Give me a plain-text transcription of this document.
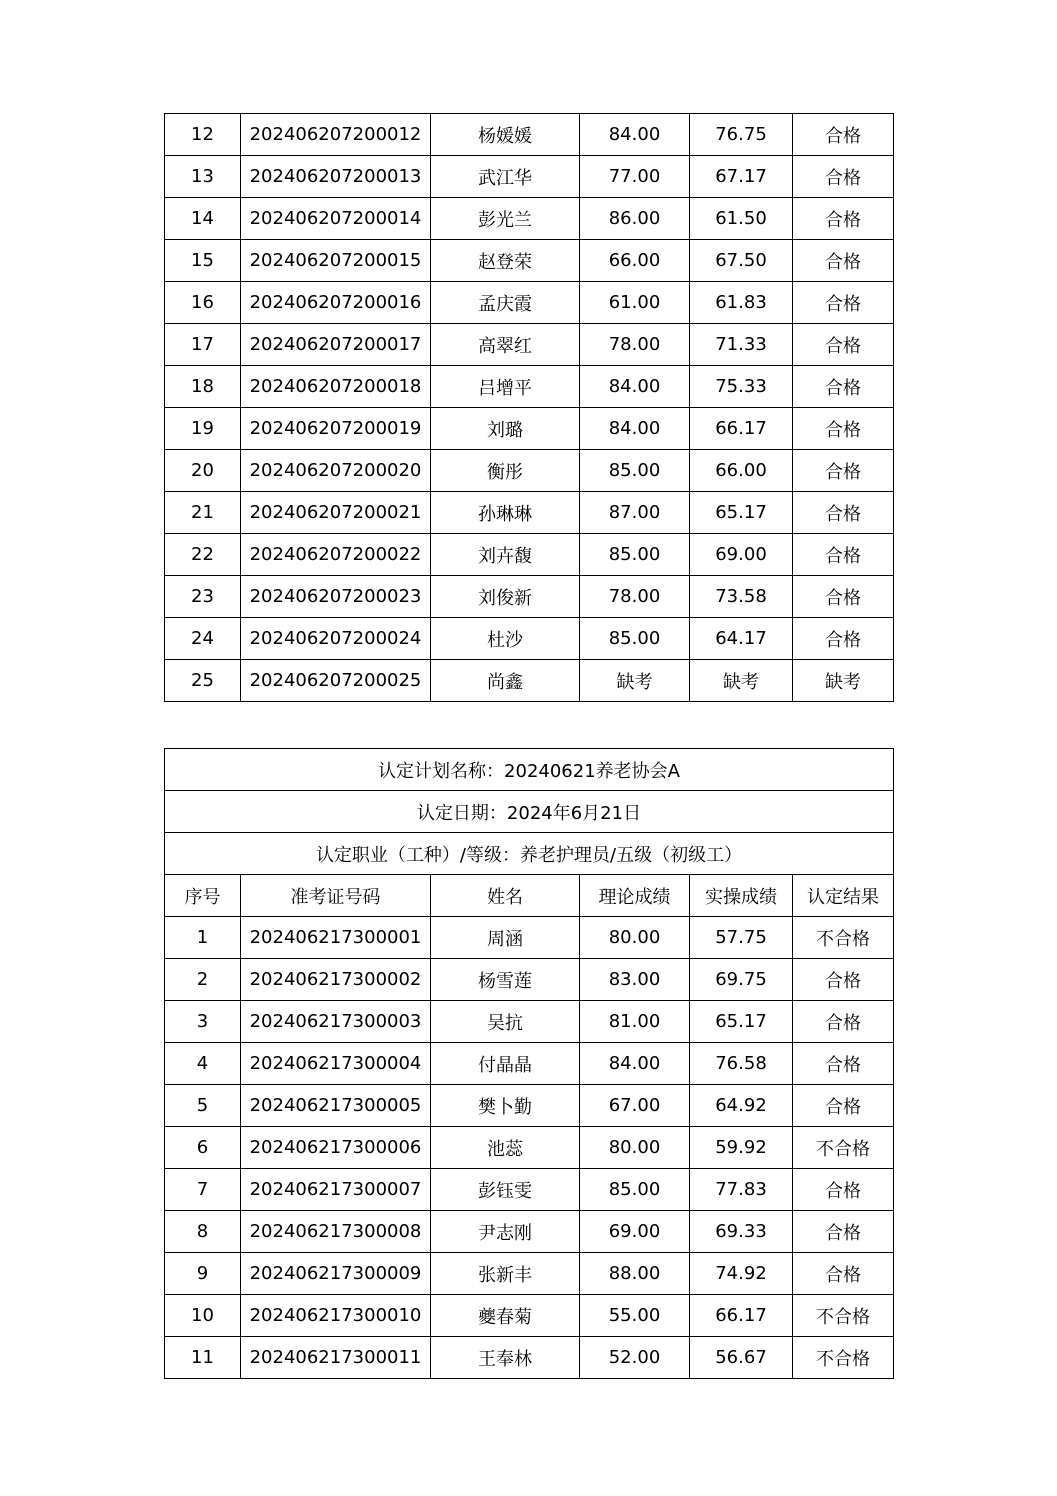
12	202406207200012	杨媛媛	84.00	76.75	合格
13	202406207200013	武江华	77.00	67.17	合格
14	202406207200014	彭光兰	86.00	61.50	合格
15	202406207200015	赵登荣	66.00	67.50	合格
16	202406207200016	孟庆霞	61.00	61.83	合格
17	202406207200017	高翠红	78.00	71.33	合格
18	202406207200018	吕增平	84.00	75.33	合格
19	202406207200019	刘璐	84.00	66.17	合格
20	202406207200020	衡彤	85.00	66.00	合格
21	202406207200021	孙琳琳	87.00	65.17	合格
22	202406207200022	刘卉馥	85.00	69.00	合格
23	202406207200023	刘俊新	78.00	73.58	合格
24	202406207200024	杜沙	85.00	64.17	合格
25	202406207200025	尚鑫	缺考	缺考	缺考
认定计划名称：20240621养老协会A					
认定日期：2024年6月21日					
认定职业（工种）/等级：养老护理员/五级（初级工）					
序号	准考证号码	姓名	理论成绩	实操成绩	认定结果
1	202406217300001	周涵	80.00	57.75	不合格
2	202406217300002	杨雪莲	83.00	69.75	合格
3	202406217300003	吴抗	81.00	65.17	合格
4	202406217300004	付晶晶	84.00	76.58	合格
5	202406217300005	樊卜勤	67.00	64.92	合格
6	202406217300006	池蕊	80.00	59.92	不合格
7	202406217300007	彭钰雯	85.00	77.83	合格
8	202406217300008	尹志刚	69.00	69.33	合格
9	202406217300009	张新丰	88.00	74.92	合格
10	202406217300010	夔春菊	55.00	66.17	不合格
11	202406217300011	王奉林	52.00	56.67	不合格
